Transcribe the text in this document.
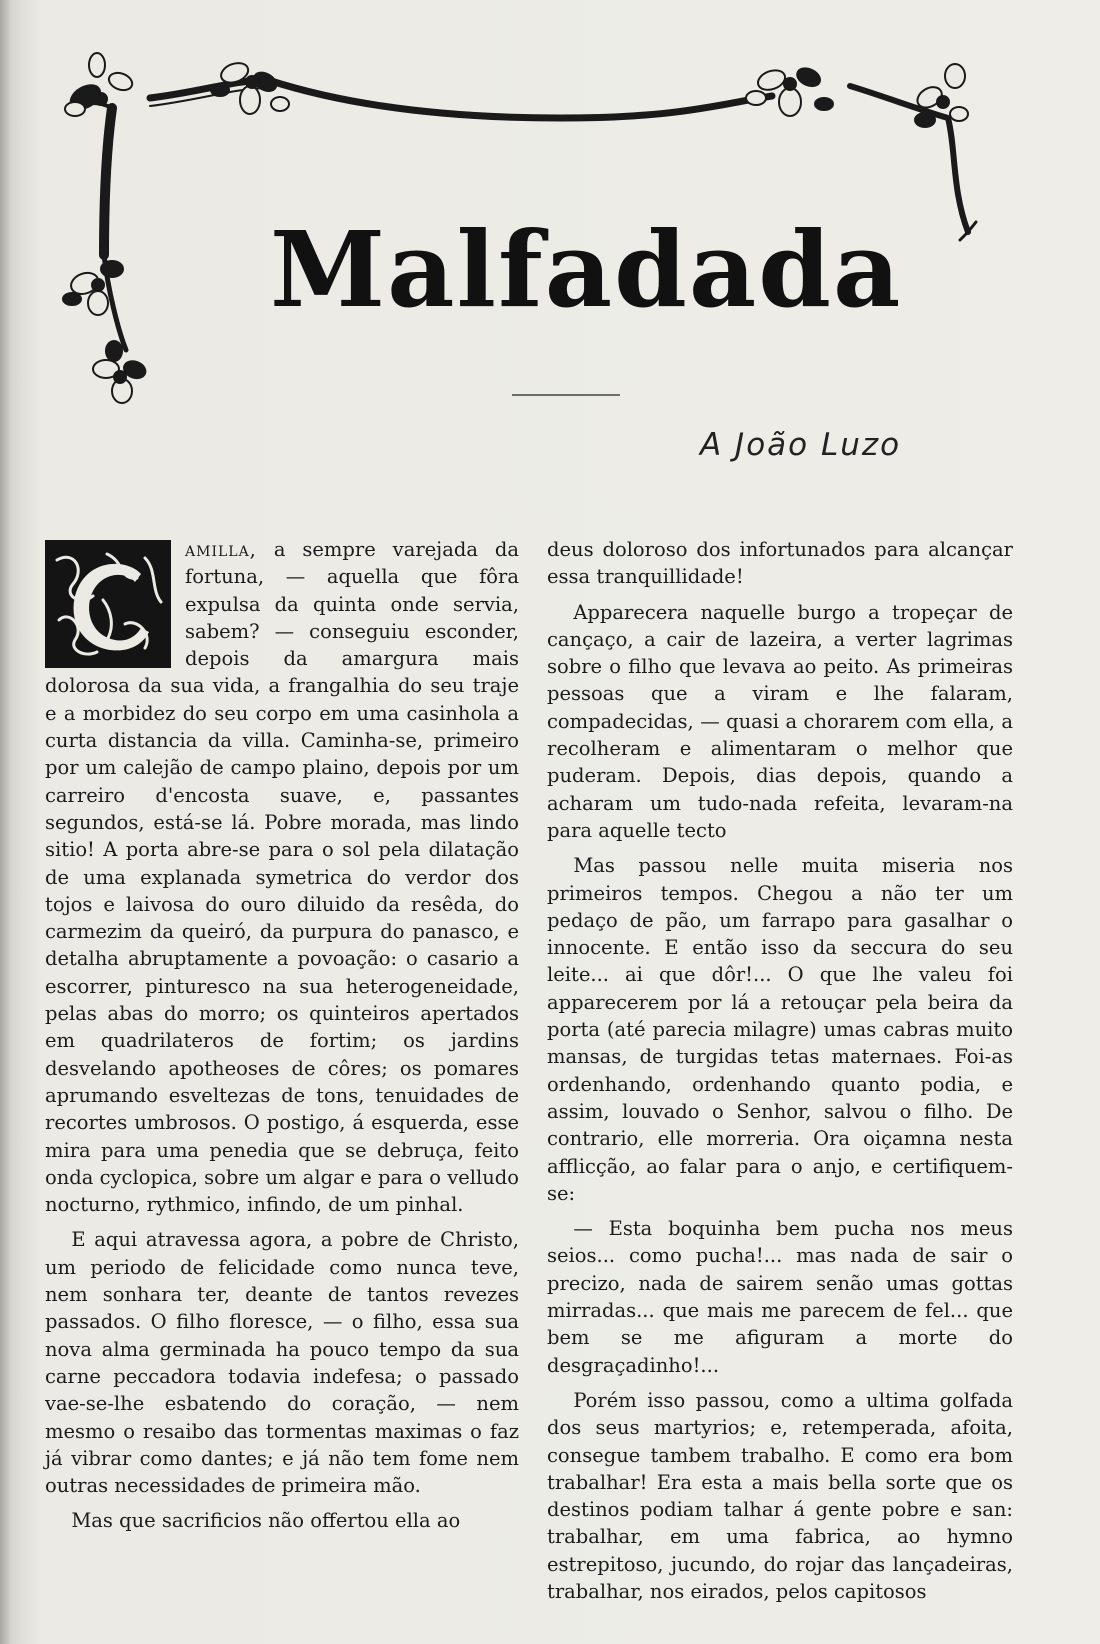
Malfadada
A João Luzo

amilla, a sempre varejada da fortuna, — aquella que fôra expulsa da quinta onde servia, sabem? — conseguiu esconder, depois da amargura mais dolorosa da sua vida, a frangalhia do seu traje e a morbidez do seu corpo em uma casinhola a curta distancia da villa. Caminha-se, primeiro por um calejão de campo plaino, depois por um carreiro d'encosta suave, e, passantes segundos, está-se lá. Pobre morada, mas lindo sitio! A porta abre-se para o sol pela dilatação de uma explanada symetrica do verdor dos tojos e laivosa do ouro diluido da resêda, do carmezim da queiró, da purpura do panasco, e detalha abruptamente a povoação: o casario a escorrer, pinturesco na sua heterogeneidade, pelas abas do morro; os quinteiros apertados em quadrilateros de fortim; os jardins desvelando apotheoses de côres; os pomares aprumando esveltezas de tons, tenuidades de recortes umbrosos. O postigo, á esquerda, esse mira para uma penedia que se debruça, feito onda cyclopica, sobre um algar e para o velludo nocturno, rythmico, infindo, de um pinhal.

E aqui atravessa agora, a pobre de Christo, um periodo de felicidade como nunca teve, nem sonhara ter, deante de tantos revezes passados. O filho floresce, — o filho, essa sua nova alma germinada ha pouco tempo da sua carne peccadora todavia indefesa; o passado vae-se-lhe esbatendo do coração, — nem mesmo o resaibo das tormentas maximas o faz já vibrar como dantes; e já não tem fome nem outras necessidades de primeira mão.

Mas que sacrificios não offertou ella ao

deus doloroso dos infortunados para alcançar essa tranquillidade!

Apparecera naquelle burgo a tropeçar de cançaço, a cair de lazeira, a verter lagrimas sobre o filho que levava ao peito. As primeiras pessoas que a viram e lhe falaram, compadecidas, — quasi a chorarem com ella, a recolheram e alimentaram o melhor que puderam. Depois, dias depois, quando a acharam um tudo-nada refeita, levaram-na para aquelle tecto

Mas passou nelle muita miseria nos primeiros tempos. Chegou a não ter um pedaço de pão, um farrapo para gasalhar o innocente. E então isso da seccura do seu leite... ai que dôr!... O que lhe valeu foi apparecerem por lá a retouçar pela beira da porta (até parecia milagre) umas cabras muito mansas, de turgidas tetas maternaes. Foi-as ordenhando, ordenhando quanto podia, e assim, louvado o Senhor, salvou o filho. De contrario, elle morreria. Ora oiçamna nesta afflicção, ao falar para o anjo, e certifiquem-se:

— Esta boquinha bem pucha nos meus seios... como pucha!... mas nada de sair o precizo, nada de sairem senão umas gottas mirradas... que mais me parecem de fel... que bem se me afiguram a morte do desgraçadinho!...

Porém isso passou, como a ultima golfada dos seus martyrios; e, retemperada, afoita, consegue tambem trabalho. E como era bom trabalhar! Era esta a mais bella sorte que os destinos podiam talhar á gente pobre e san: trabalhar, em uma fabrica, ao hymno estrepitoso, jucundo, do rojar das lançadeiras, trabalhar, nos eirados, pelos capitosos
